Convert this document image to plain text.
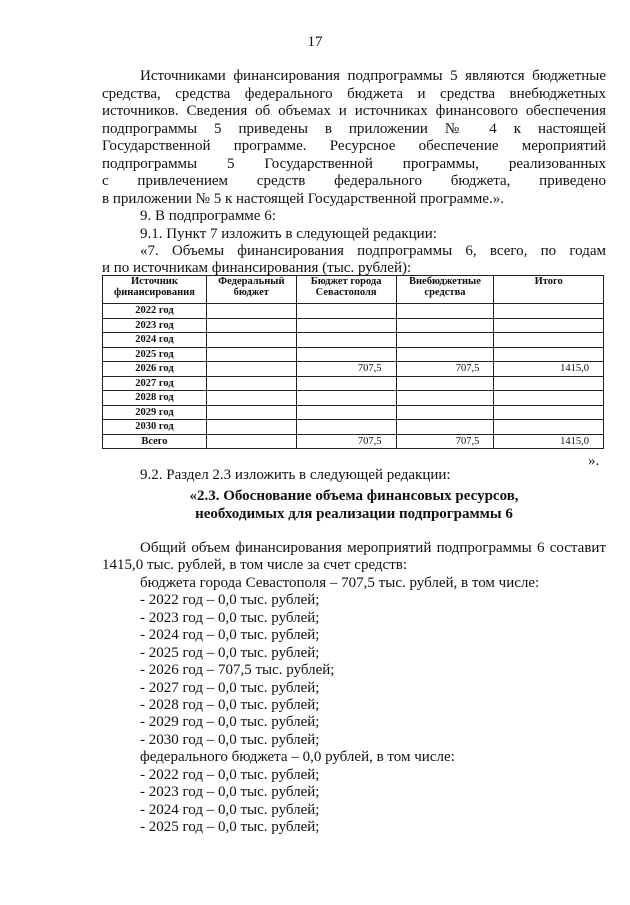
17

Источниками финансирования подпрограммы 5 являются бюджетные

средства, средства федерального бюджета и средства внебюджетных

источников. Сведения об объемах и источниках финансового обеспечения

подпрограммы 5 приведены в приложении № 4 к настоящей

Государственной программе. Ресурсное обеспечение мероприятий

подпрограммы 5 Государственной программы, реализованных

с привлечением средств федерального бюджета, приведено

в приложении № 5 к настоящей Государственной программе.».

9. В подпрограмме 6:

9.1. Пункт 7 изложить в следующей редакции:

«7. Объемы финансирования подпрограммы 6, всего, по годам

и по источникам финансирования (тыс. рублей):

Источник финансирования	Федеральный бюджет	Бюджет города Севастополя	Внебюджетные средства	Итого
2022 год				
2023 год				
2024 год				
2025 год				
2026 год		707,5	707,5	1415,0
2027 год				
2028 год				
2029 год				
2030 год				
Всего		707,5	707,5	1415,0
».

9.2. Раздел 2.3 изложить в следующей редакции:

«2.3. Обоснование объема финансовых ресурсов,
необходимых для реализации подпрограммы 6

Общий объем финансирования мероприятий подпрограммы 6 составит

1415,0 тыс. рублей, в том числе за счет средств:

бюджета города Севастополя – 707,5 тыс. рублей, в том числе:
- 2022 год – 0,0 тыс. рублей;
- 2023 год – 0,0 тыс. рублей;
- 2024 год – 0,0 тыс. рублей;
- 2025 год – 0,0 тыс. рублей;
- 2026 год – 707,5 тыс. рублей;
- 2027 год – 0,0 тыс. рублей;
- 2028 год – 0,0 тыс. рублей;
- 2029 год – 0,0 тыс. рублей;
- 2030 год – 0,0 тыс. рублей;
федерального бюджета – 0,0 рублей, в том числе:
- 2022 год – 0,0 тыс. рублей;
- 2023 год – 0,0 тыс. рублей;
- 2024 год – 0,0 тыс. рублей;
- 2025 год – 0,0 тыс. рублей;
